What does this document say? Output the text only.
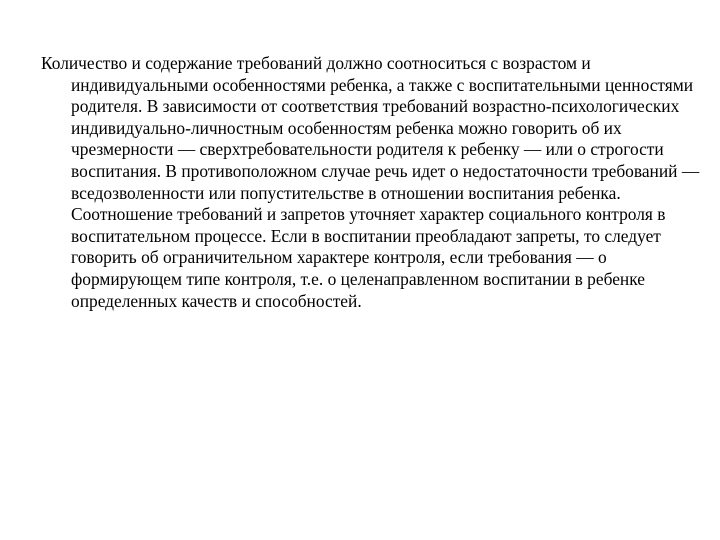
Количество и содержание требований должно соотноситься с возрастом и индивидуальными особенностями ребенка, а также с воспитательными ценностями родителя. В зависимости от соответствия требований возрастно-психологических индивидуально-личностным особенностям ребенка можно говорить об их чрезмерности — сверхтребовательности родителя к ребенку — или о строгости воспитания. В противоположном случае речь идет о недостаточности требований — вседозволенности или попустительстве в отношении воспитания ребенка. Соотношение требований и запретов уточняет характер социального контроля в воспитательном процессе. Если в воспитании преобладают запреты, то следует говорить об ограничительном характере контроля, если требования — о формирующем типе контроля, т.е. о целенаправленном воспитании в ребенке определенных качеств и способностей.
